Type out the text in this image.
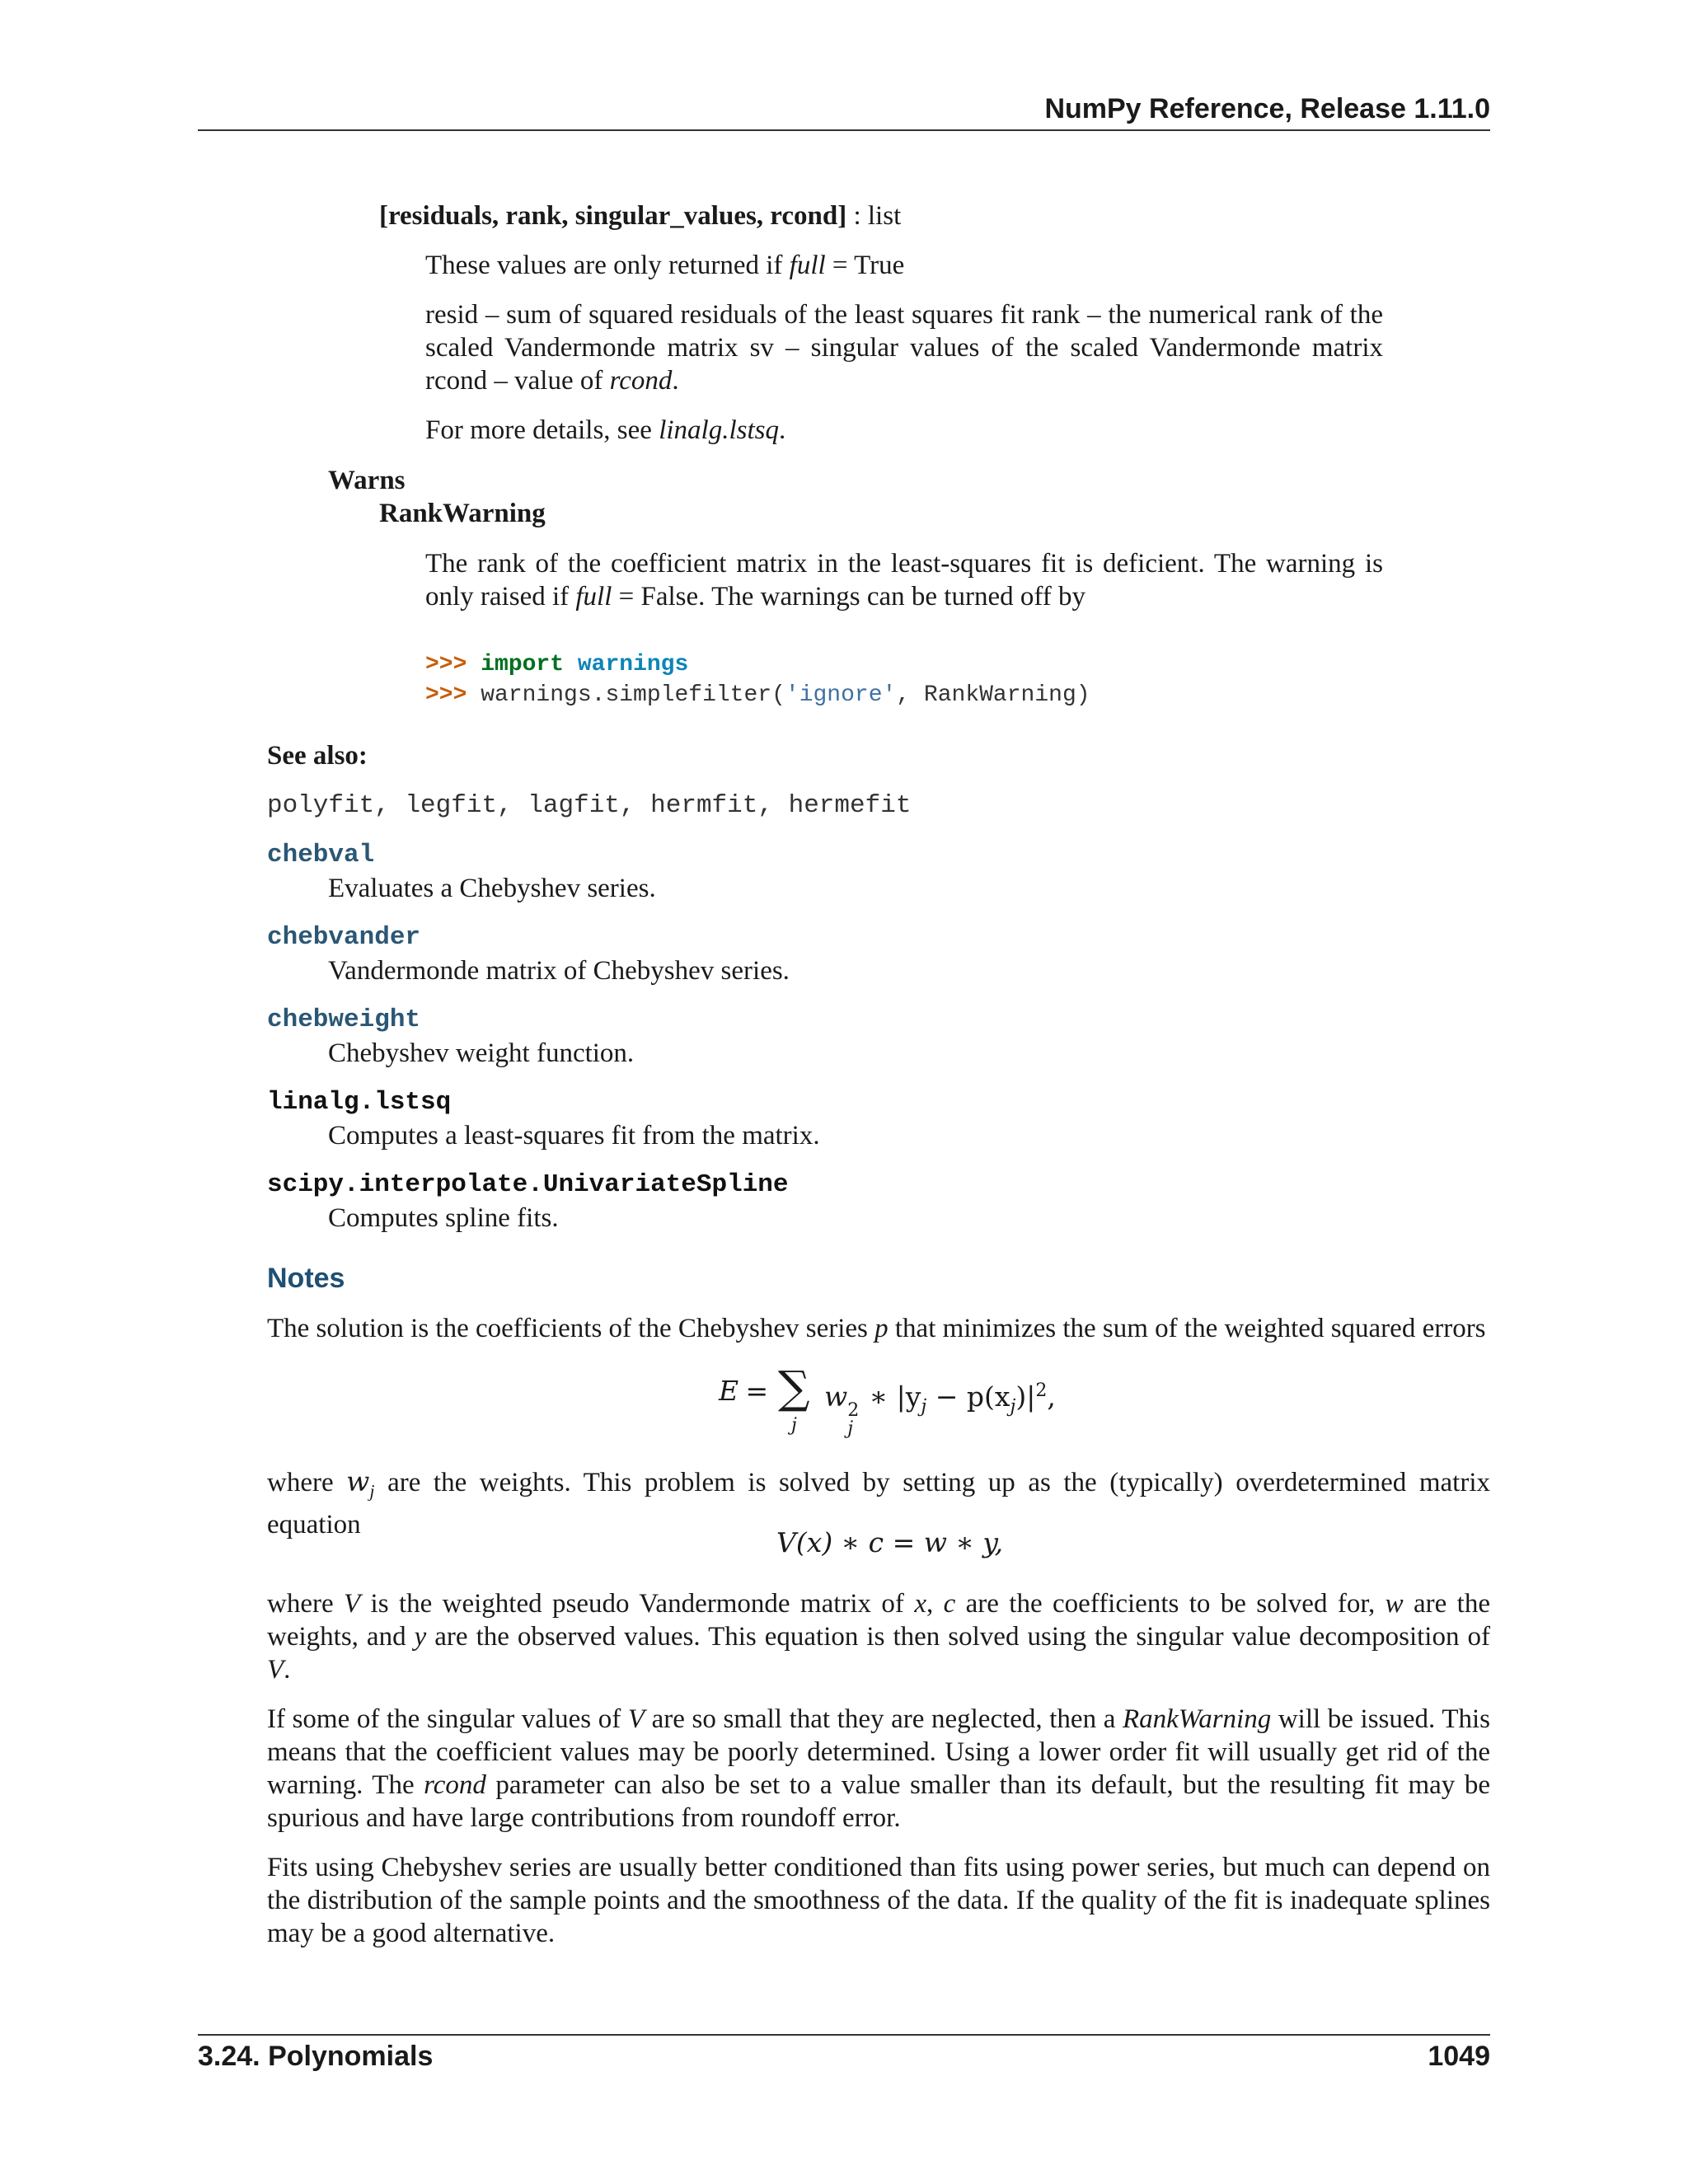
NumPy Reference, Release 1.11.0
[residuals, rank, singular_values, rcond] : list

These values are only returned if full = True

resid – sum of squared residuals of the least squares fit rank – the numerical rank of the scaled Vandermonde matrix sv – singular values of the scaled Vandermonde matrix rcond – value of rcond.

For more details, see linalg.lstsq.

Warns
RankWarning

The rank of the coefficient matrix in the least-squares fit is deficient. The warning is only raised if full = False. The warnings can be turned off by

>>> import warnings
>>> warnings.simplefilter('ignore', RankWarning)
See also:
polyfit, legfit, lagfit, hermfit, hermefit
chebval
Evaluates a Chebyshev series.
chebvander
Vandermonde matrix of Chebyshev series.
chebweight
Chebyshev weight function.
linalg.lstsq
Computes a least-squares fit from the matrix.
scipy.interpolate.UnivariateSpline
Computes spline fits.
Notes

The solution is the coefficients of the Chebyshev series p that minimizes the sum of the weighted squared errors

E
= ∑
j
w 2
j
∗ $|y_j - p(x_j)|^2$,

where $w_j$ are the weights. This problem is solved by setting up as the (typically) overdetermined matrix equation

V(x) ∗ c = w ∗ y,

where V is the weighted pseudo Vandermonde matrix of x, c are the coefficients to be solved for, w are the weights, and y are the observed values. This equation is then solved using the singular value decomposition of V.

If some of the singular values of V are so small that they are neglected, then a RankWarning will be issued. This means that the coefficient values may be poorly determined. Using a lower order fit will usually get rid of the warning. The rcond parameter can also be set to a value smaller than its default, but the resulting fit may be spurious and have large contributions from roundoff error.

Fits using Chebyshev series are usually better conditioned than fits using power series, but much can depend on the distribution of the sample points and the smoothness of the data. If the quality of the fit is inadequate splines may be a good alternative.

3.24. Polynomials	1049
